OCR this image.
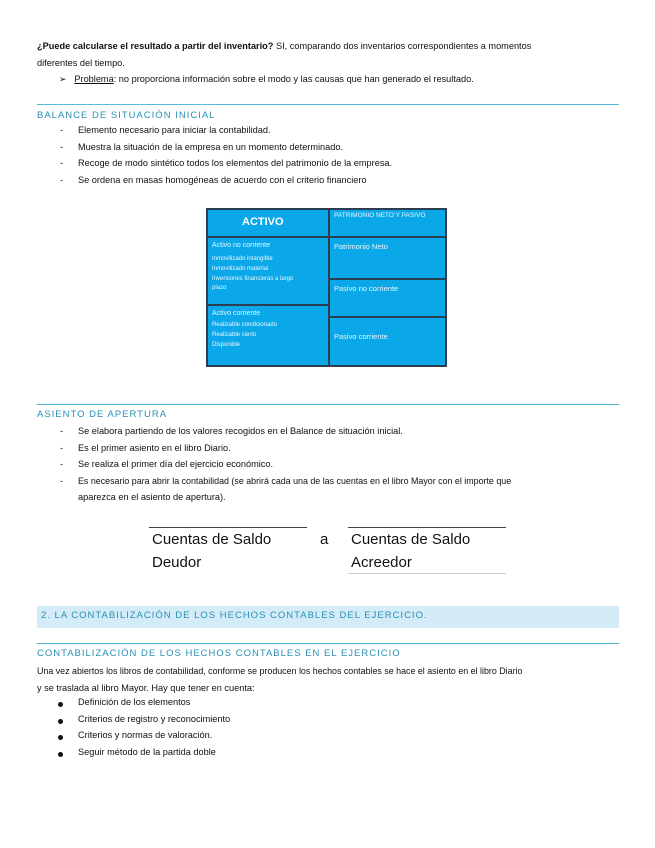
¿Puede calcularse el resultado a partir del inventario? SI, comparando dos inventarios correspondientes a momentos
diferentes del tiempo.
➢ Problema: no proporciona información sobre el modo y las causas que han generado el resultado.
BALANCE DE SITUACIÓN INICIAL
- Elemento necesario para iniciar la contabilidad.
- Muestra la situación de la empresa en un momento determinado.
- Recoge de modo sintético todos los elementos del patrimonio de la empresa.
- Se ordena en masas homogéneas de acuerdo con el criterio financiero
ACTIVO
PATRIMONIO NETO Y PASIVO
Activo no corriente
Inmovilizado intangible
Inmovilizado material
Inversiones financieras a largo
plazo
Activo corriente
Realizable condicionado
Realizable cierto
Disponible
Patrimonio Neto
Pasivo no corriente
Pasivo corriente
ASIENTO DE APERTURA
- Se elabora partiendo de los valores recogidos en el Balance de situación inicial.
- Es el primer asiento en el libro Diario.
- Se realiza el primer día del ejercicio económico.
- Es necesario para abrir la contabilidad (se abrirá cada una de las cuentas en el libro Mayor con el importe que
aparezca en el asiento de apertura).
Cuentas de Saldo
Deudor
a Cuentas de Saldo
Acreedor
2. LA CONTABILIZACIÓN DE LOS HECHOS CONTABLES DEL EJERCICIO.
CONTABILIZACIÓN DE LOS HECHOS CONTABLES EN EL EJERCICIO
Una vez abiertos los libros de contabilidad, conforme se producen los hechos contables se hace el asiento en el libro Diario
y se traslada al libro Mayor. Hay que tener en cuenta:
Definición de los elementos
Criterios de registro y reconocimiento
Criterios y normas de valoración.
Seguir método de la partida doble
